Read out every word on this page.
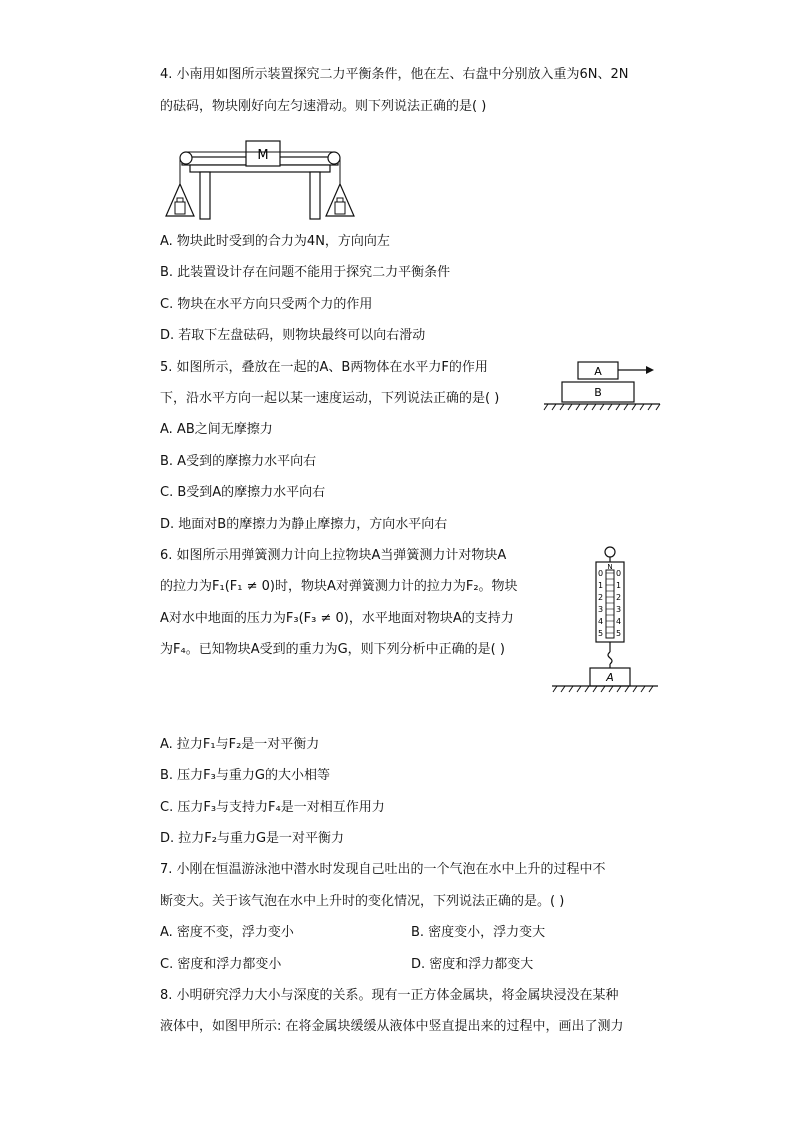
4. 小南用如图所示装置探究二力平衡条件，他在左、右盘中分别放入重为6N、2N
的砝码，物块刚好向左匀速滑动。则下列说法正确的是( )
M
A. 物块此时受到的合力为4N，方向向左
B. 此装置设计存在问题不能用于探究二力平衡条件
C. 物块在水平方向只受两个力的作用
D. 若取下左盘砝码，则物块最终可以向右滑动
5. 如图所示，叠放在一起的A、B两物体在水平力F的作用
下，沿水平方向一起以某一速度运动，下列说法正确的是( )
A
B
A. AB之间无摩擦力
B. A受到的摩擦力水平向右
C. B受到A的摩擦力水平向右
D. 地面对B的摩擦力为静止摩擦力，方向水平向右
6. 如图所示用弹簧测力计向上拉物块A当弹簧测力计对物块A
的拉力为F₁(F₁ ≠ 0)时，物块A对弹簧测力计的拉力为F₂。物块
A对水中地面的压力为F₃(F₃ ≠ 0)，水平地面对物块A的支持力
为F₄。已知物块A受到的重力为G，则下列分析中正确的是( )
N
0
1
2
3
4
5
0
1
2
3
4
5
A
A. 拉力F₁与F₂是一对平衡力
B. 压力F₃与重力G的大小相等
C. 压力F₃与支持力F₄是一对相互作用力
D. 拉力F₂与重力G是一对平衡力
7. 小刚在恒温游泳池中潜水时发现自己吐出的一个气泡在水中上升的过程中不
断变大。关于该气泡在水中上升时的变化情况，下列说法正确的是。( )
A. 密度不变，浮力变小	B. 密度变小，浮力变大
C. 密度和浮力都变小	D. 密度和浮力都变大
8. 小明研究浮力大小与深度的关系。现有一正方体金属块，将金属块浸没在某种
液体中，如图甲所示: 在将金属块缓缓从液体中竖直提出来的过程中，画出了测力
